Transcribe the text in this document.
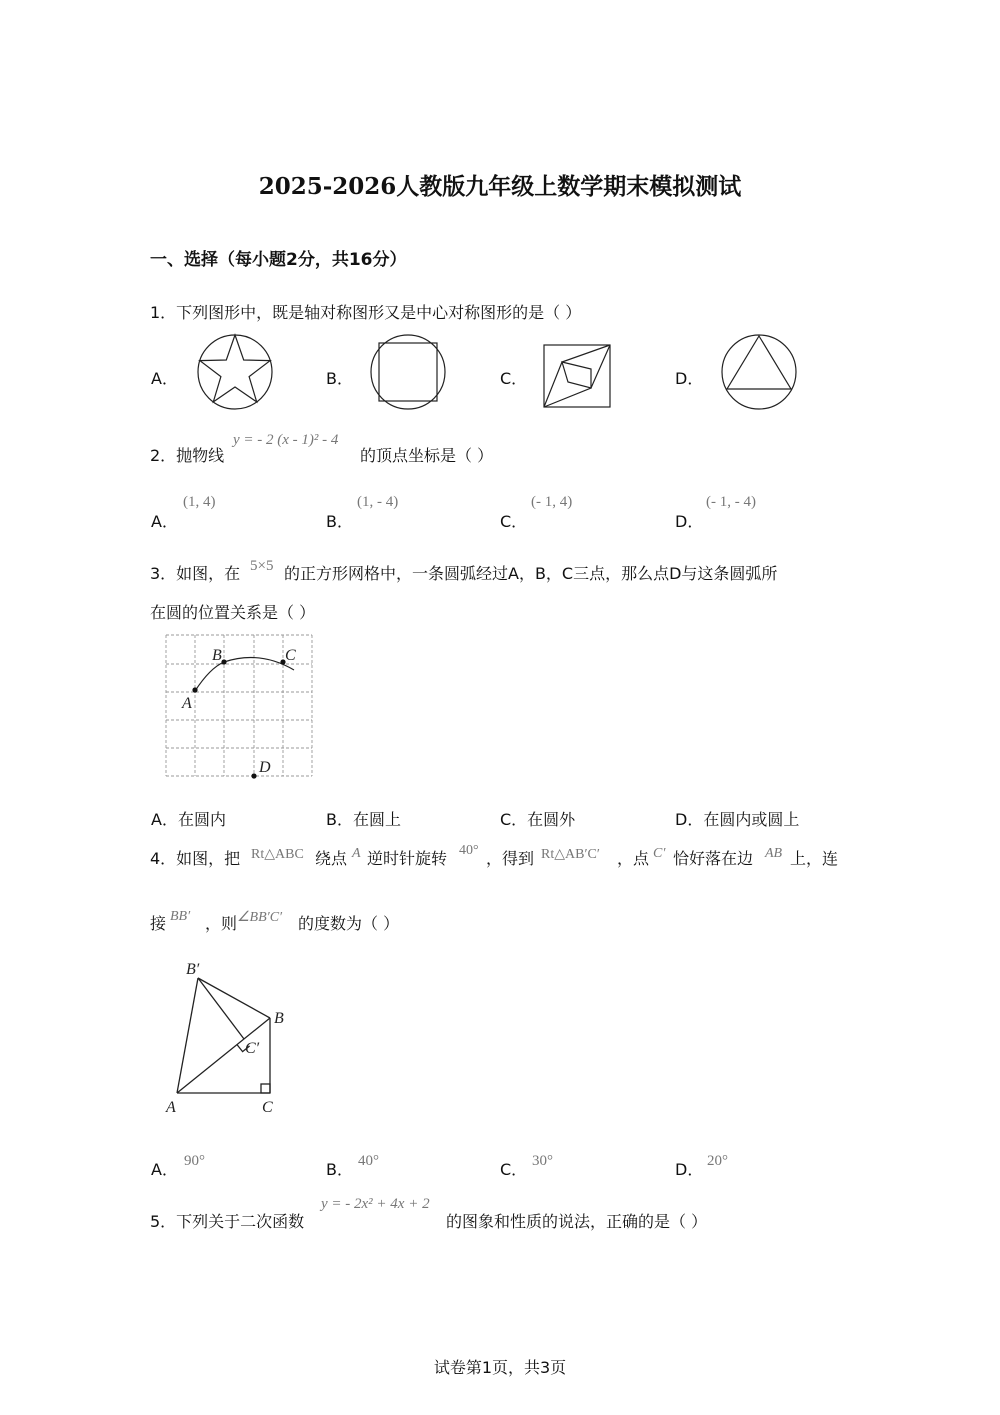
2025-2026人教版九年级上数学期末模拟测试
一、选择（每小题2分，共16分）
1．下列图形中，既是轴对称图形又是中心对称图形的是（ ）
A．	B．	C．	D．
2．抛物线
y = - 2 (x - 1)² - 4
的顶点坐标是（ ）
A．
(1, 4)
B．
(1, - 4)
C．
(- 1, 4)
D．
(- 1, - 4)
3．如图，在 5×5 的正方形网格中，一条圆弧经过A，B，C三点，那么点D与这条圆弧所
在圆的位置关系是（ ）
B	C
A
D
A．在圆内	B．在圆上	C．在圆外	D．在圆内或圆上
4．如图，把 Rt△ABC 绕点 A 逆时针旋转 40° ，得到 Rt△AB′C′ ，点 C′ 恰好落在边 AB 上，连
接 BB′ ，则 ∠BB′C′ 的度数为（ ）
B′
B
C′
A	C
A． 90°	B． 40°	C． 30°	D． 20°
5．下列关于二次函数
y = - 2x² + 4x + 2
的图象和性质的说法，正确的是（ ）
试卷第1页，共3页
